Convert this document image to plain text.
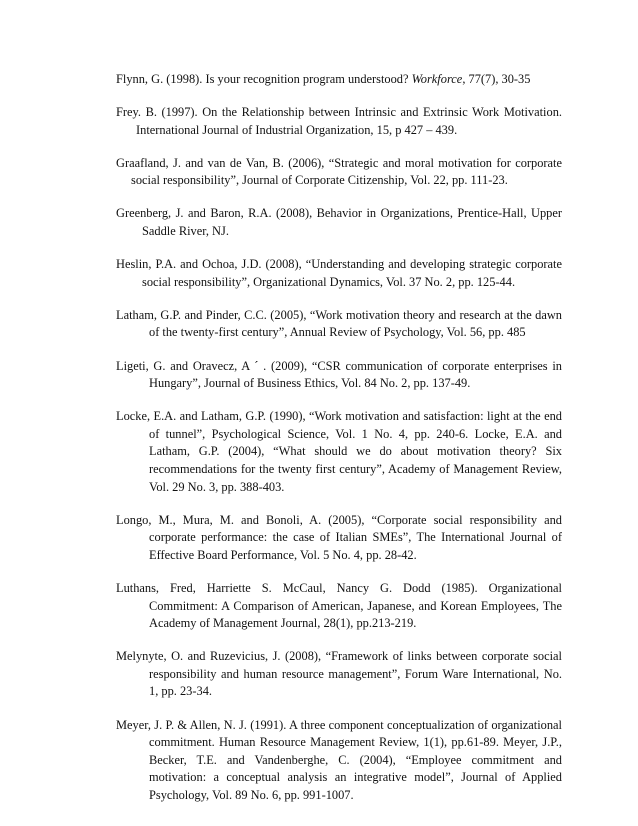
Flynn, G. (1998). Is your recognition program understood? Workforce, 77(7), 30-35

Frey. B. (1997). On the Relationship between Intrinsic and Extrinsic Work Motivation. International Journal of Industrial Organization, 15, p 427 – 439.

Graafland, J. and van de Van, B. (2006), “Strategic and moral motivation for corporate social responsibility”, Journal of Corporate Citizenship, Vol. 22, pp. 111-23.

Greenberg, J. and Baron, R.A. (2008), Behavior in Organizations, Prentice-Hall, Upper Saddle River, NJ.

Heslin, P.A. and Ochoa, J.D. (2008), “Understanding and developing strategic corporate social responsibility”, Organizational Dynamics, Vol. 37 No. 2, pp. 125-44.

Latham, G.P. and Pinder, C.C. (2005), “Work motivation theory and research at the dawn of the twenty-first century”, Annual Review of Psychology, Vol. 56, pp. 485

Ligeti, G. and Oravecz, A ´ . (2009), “CSR communication of corporate enterprises in Hungary”, Journal of Business Ethics, Vol. 84 No. 2, pp. 137-49.

Locke, E.A. and Latham, G.P. (1990), “Work motivation and satisfaction: light at the end of tunnel”, Psychological Science, Vol. 1 No. 4, pp. 240-6. Locke, E.A. and Latham, G.P. (2004), “What should we do about motivation theory? Six recommendations for the twenty first century”, Academy of Management Review, Vol. 29 No. 3, pp. 388-403.

Longo, M., Mura, M. and Bonoli, A. (2005), “Corporate social responsibility and corporate performance: the case of Italian SMEs”, The International Journal of Effective Board Performance, Vol. 5 No. 4, pp. 28-42.

Luthans, Fred, Harriette S. McCaul, Nancy G. Dodd (1985). Organizational Commitment: A Comparison of American, Japanese, and Korean Employees, The Academy of Management Journal, 28(1), pp.213-219.

Melynyte, O. and Ruzevicius, J. (2008), “Framework of links between corporate social responsibility and human resource management”, Forum Ware International, No. 1, pp. 23-34.

Meyer, J. P. & Allen, N. J. (1991). A three component conceptualization of organizational commitment. Human Resource Management Review, 1(1), pp.61-89. Meyer, J.P., Becker, T.E. and Vandenberghe, C. (2004), “Employee commitment and motivation: a conceptual analysis an integrative model”, Journal of Applied Psychology, Vol. 89 No. 6, pp. 991-1007.
